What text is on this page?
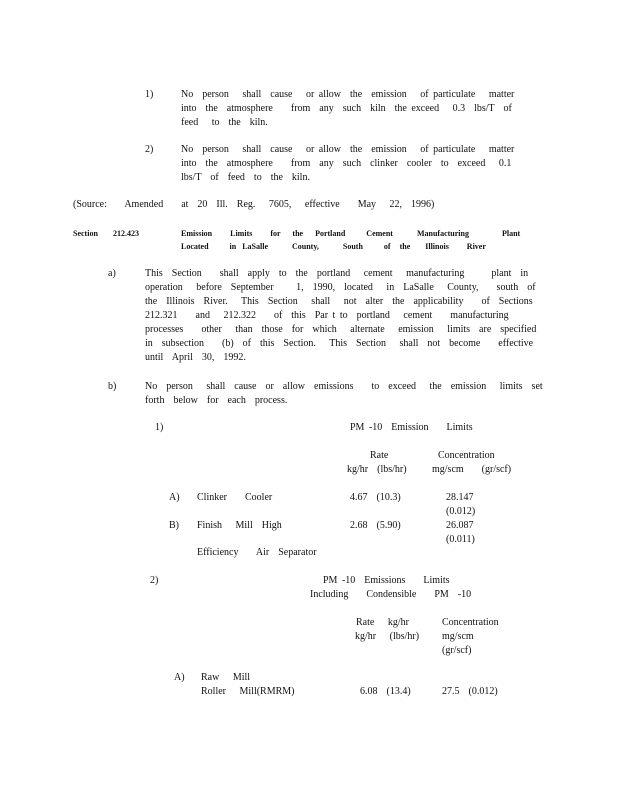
1)	No  person   shall  cause   or allow  the  emission   of particulate   matter
into  the  atmosphere    from  any  such  kiln  the exceed   0.3  lbs/T  of
feed   to  the  kiln.
2)	No  person   shall  cause   or allow  the  emission   of particulate   matter
into  the  atmosphere    from  any  such  clinker  cooler  to  exceed   0.1
lbs/T  of  feed  to  the  kiln.
(Source:    Amended    at  20  Ill.  Reg.   7605,   effective    May   22,  1996)
Section 212.423	Emission      Limits      for    the    Portland       Cement        Manufacturing           Plant
Located       in  LaSalle        County,        South       of   the     Illinois      River
a)	This  Section    shall  apply  to  the  portland   cement   manufacturing      plant  in
operation   before  September     1,  1990,  located   in  LaSalle   County,    south  of
the  Illinois  River.   This  Section   shall   not  alter  the  applicability    of  Sections
212.321    and   212.322    of  this  Par t to  portland   cement    manufacturing
processes    other   than  those  for  which   alternate   emission   limits  are  specified
in  subsection    (b)  of  this  Section.   This  Section   shall  not  become    effective
until  April  30,  1992.
b)	No  person   shall  cause  or  allow  emissions    to  exceed   the  emission   limits  set
forth  below  for  each  process.
1)	PM -10  Emission    Limits
Rate
kg/hr  (lbs/hr)
Concentration
mg/scm    (gr/scf)
A) Clinker    Cooler	4.67  (10.3)	28.147
(0.012)
B) Finish   Mill  High	2.68  (5.90)	26.087
(0.011)
Efficiency    Air  Separator
2)	PM -10  Emissions    Limits
Including    Condensible    PM  -10
Rate   kg/hr
kg/hr   (lbs/hr)
Concentration
mg/scm
(gr/scf)
A) Raw   Mill
Roller   Mill(RMRM)	6.08  (13.4)	27.5  (0.012)
